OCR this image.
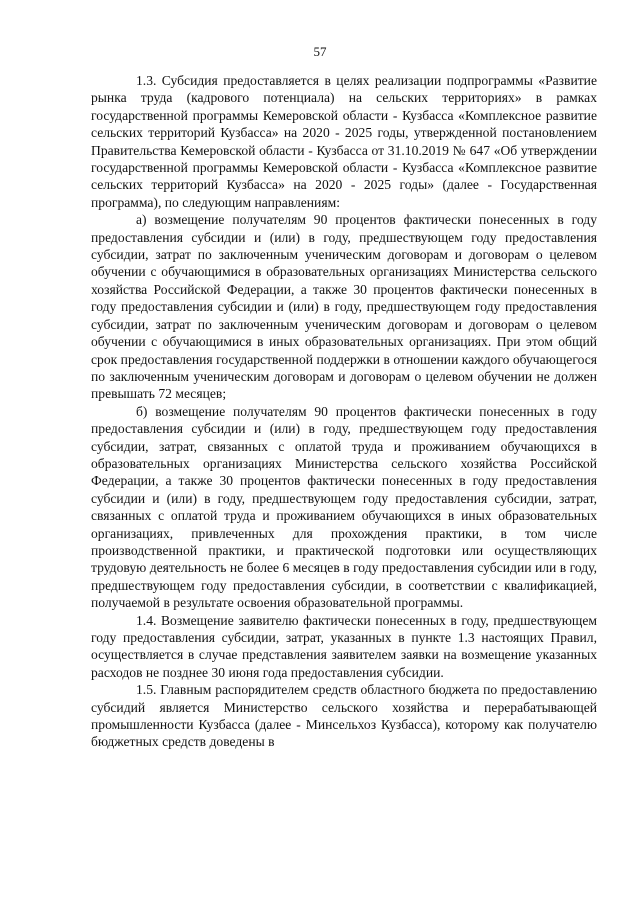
57

1.3. Субсидия предоставляется в целях реализации подпрограммы «Развитие рынка труда (кадрового потенциала) на сельских территориях» в рамках государственной программы Кемеровской области - Кузбасса «Комплексное развитие сельских территорий Кузбасса» на 2020 - 2025 годы, утвержденной постановлением Правительства Кемеровской области - Кузбасса от 31.10.2019 № 647 «Об утверждении государственной программы Кемеровской области - Кузбасса «Комплексное развитие сельских территорий Кузбасса» на 2020 - 2025 годы» (далее - Государственная программа), по следующим направлениям:

а) возмещение получателям 90 процентов фактически понесенных в году предоставления субсидии и (или) в году, предшествующем году предоставления субсидии, затрат по заключенным ученическим договорам и договорам о целевом обучении с обучающимися в образовательных организациях Министерства сельского хозяйства Российской Федерации, а также 30 процентов фактически понесенных в году предоставления субсидии и (или) в году, предшествующем году предоставления субсидии, затрат по заключенным ученическим договорам и договорам о целевом обучении с обучающимися в иных образовательных организациях. При этом общий срок предоставления государственной поддержки в отношении каждого обучающегося по заключенным ученическим договорам и договорам о целевом обучении не должен превышать 72 месяцев;

б) возмещение получателям 90 процентов фактически понесенных в году предоставления субсидии и (или) в году, предшествующем году предоставления субсидии, затрат, связанных с оплатой труда и проживанием обучающихся в образовательных организациях Министерства сельского хозяйства Российской Федерации, а также 30 процентов фактически понесенных в году предоставления субсидии и (или) в году, предшествующем году предоставления субсидии, затрат, связанных с оплатой труда и проживанием обучающихся в иных образовательных организациях, привлеченных для прохождения практики, в том числе производственной практики, и практической подготовки или осуществляющих трудовую деятельность не более 6 месяцев в году предоставления субсидии или в году, предшествующем году предоставления субсидии, в соответствии с квалификацией, получаемой в результате освоения образовательной программы.

1.4. Возмещение заявителю фактически понесенных в году, предшествующем году предоставления субсидии, затрат, указанных в пункте 1.3 настоящих Правил, осуществляется в случае представления заявителем заявки на возмещение указанных расходов не позднее 30 июня года предоставления субсидии.

1.5. Главным распорядителем средств областного бюджета по предоставлению субсидий является Министерство сельского хозяйства и перерабатывающей промышленности Кузбасса (далее - Минсельхоз Кузбасса), которому как получателю бюджетных средств доведены в
